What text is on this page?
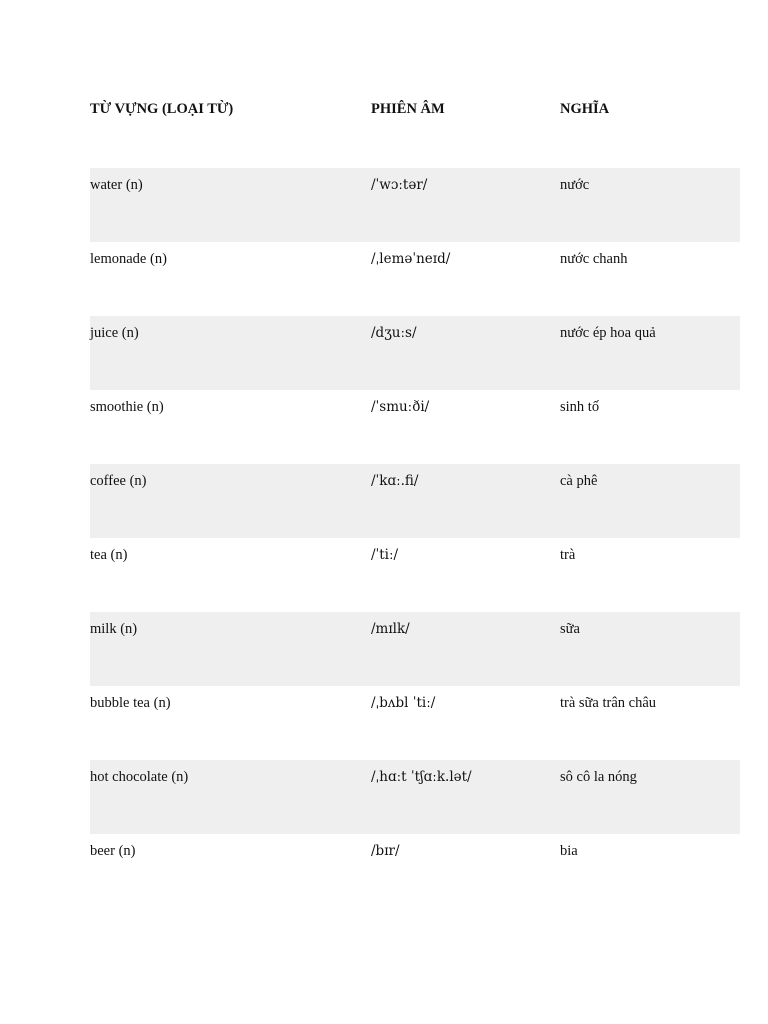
TỪ VỰNG (LOẠI TỪ)	PHIÊN ÂM	NGHĨA
water (n)	/ˈwɔːtər/	nước
lemonade (n)	/ˌleməˈneɪd/	nước chanh
juice (n)	/dʒuːs/	nước ép hoa quả
smoothie (n)	/ˈsmuːði/	sinh tố
coffee (n)	/ˈkɑː.fi/	cà phê
tea (n)	/ˈtiː/	trà
milk (n)	/mɪlk/	sữa
bubble tea (n)	/ˌbʌbl ˈtiː/	trà sữa trân châu
hot chocolate (n)	/ˌhɑːt ˈtʃɑːk.lət/	sô cô la nóng
beer (n)	/bɪr/	bia
